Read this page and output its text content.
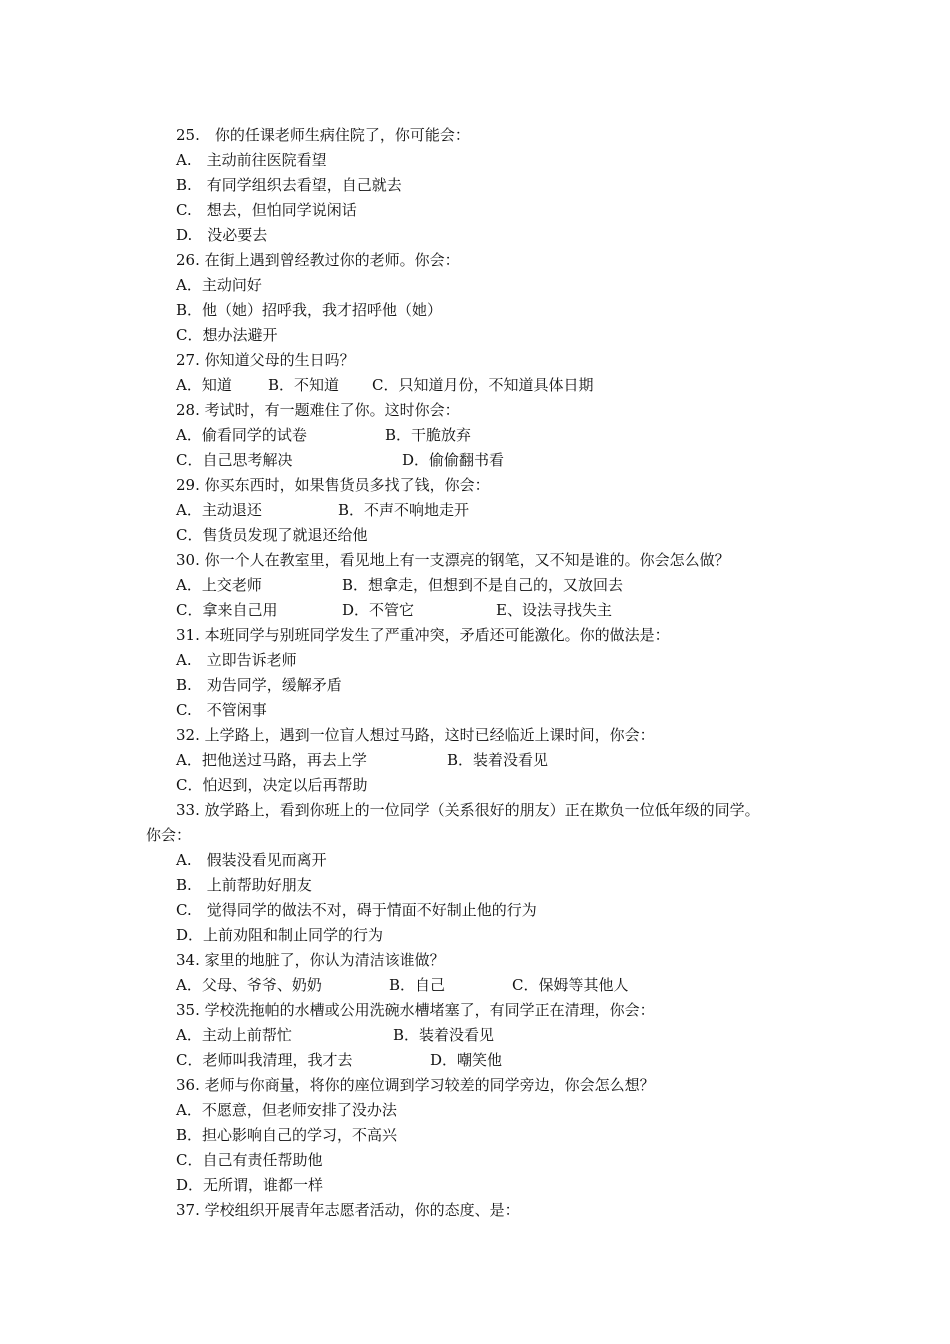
25.　你的任课老师生病住院了，你可能会：
A.　主动前往医院看望
B.　有同学组织去看望，自己就去
C.　想去，但怕同学说闲话
D.　没必要去
26. 在街上遇到曾经教过你的老师。你会：
A．主动问好
B．他（她）招呼我，我才招呼他（她）
C．想办法避开
27. 你知道父母的生日吗？
A．知道 B．不知道 C．只知道月份，不知道具体日期
28. 考试时，有一题难住了你。这时你会：
A．偷看同学的试卷	B．干脆放弃
C．自己思考解决	D．偷偷翻书看
29. 你买东西时，如果售货员多找了钱，你会：
A．主动退还	B．不声不响地走开
C．售货员发现了就退还给他
30. 你一个人在教室里，看见地上有一支漂亮的钢笔，又不知是谁的。你会怎么做？
A．上交老师	B．想拿走，但想到不是自己的，又放回去
C．拿来自己用	D．不管它	E、设法寻找失主
31. 本班同学与别班同学发生了严重冲突，矛盾还可能激化。你的做法是：
A.　立即告诉老师
B.　劝告同学，缓解矛盾
C.　不管闲事
32. 上学路上，遇到一位盲人想过马路，这时已经临近上课时间，你会：
A．把他送过马路，再去上学	B．装着没看见
C．怕迟到，决定以后再帮助
33. 放学路上，看到你班上的一位同学（关系很好的朋友）正在欺负一位低年级的同学。
你会：
A.　假装没看见而离开
B.　上前帮助好朋友
C.　觉得同学的做法不对，碍于情面不好制止他的行为
D．上前劝阻和制止同学的行为
34. 家里的地脏了，你认为清洁该谁做？
A．父母、爷爷、奶奶	B．自己	C．保姆等其他人
35. 学校洗拖帕的水槽或公用洗碗水槽堵塞了，有同学正在清理，你会：
A．主动上前帮忙	B．装着没看见
C．老师叫我清理，我才去	D．嘲笑他
36. 老师与你商量，将你的座位调到学习较差的同学旁边，你会怎么想？
A．不愿意，但老师安排了没办法
B．担心影响自己的学习，不高兴
C．自己有责任帮助他
D．无所谓，谁都一样
37. 学校组织开展青年志愿者活动，你的态度、是：
